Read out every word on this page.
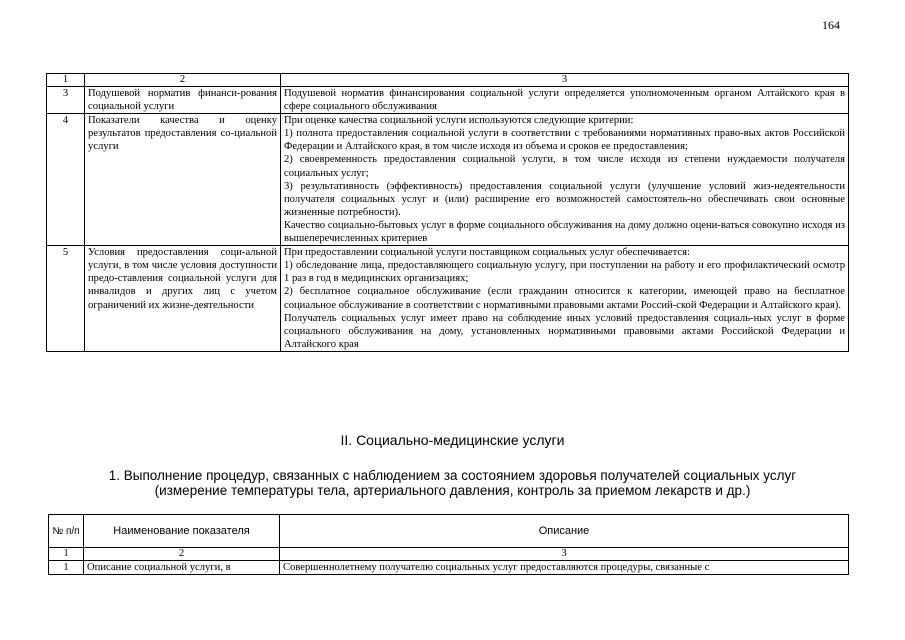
164
1	2	3
3	Подушевой норматив финанси-рования социальной услуги	Подушевой норматив финансирования социальной услуги определяется уполномоченным органом Алтайского края в сфере социального обслуживания
4	Показатели качества и оценку результатов предоставления со-циальной услуги	При оценке качества социальной услуги используются следующие критерии:
1) полнота предоставления социальной услуги в соответствии с требованиями нормативных право-вых актов Российской Федерации и Алтайского края, в том числе исходя из объема и сроков ее предоставления;
2) своевременность предоставления социальной услуги, в том числе исходя из степени нуждаемости получателя социальных услуг;
3) результативность (эффективность) предоставления социальной услуги (улучшение условий жиз-недеятельности получателя социальных услуг и (или) расширение его возможностей самостоятель-но обеспечивать свои основные жизненные потребности).
Качество социально-бытовых услуг в форме социального обслуживания на дому должно оцени-ваться совокупно исходя из вышеперечисленных критериев

5	Условия предоставления соци-альной услуги, в том числе условия доступности предо-ставления социальной услуги для инвалидов и других лиц с учетом ограничений их жизне-деятельности	При предоставлении социальной услуги поставщиком социальных услуг обеспечивается:
1) обследование лица, предоставляющего социальную услугу, при поступлении на работу и его профилактический осмотр 1 раз в год в медицинских организациях;
2) бесплатное социальное обслуживание (если гражданин относится к категории, имеющей право на бесплатное социальное обслуживание в соответствии с нормативными правовыми актами Россий-ской Федерации и Алтайского края).
Получатель социальных услуг имеет право на соблюдение иных условий предоставления социаль-ных услуг в форме социального обслуживания на дому, установленных нормативными правовыми актами Российской Федерации и Алтайского края
II. Социально-медицинские услуги
1. Выполнение процедур, связанных с наблюдением за состоянием здоровья получателей социальных услуг
(измерение температуры тела, артериального давления, контроль за приемом лекарств и др.)
№ п/п	Наименование показателя	Описание
1	2	3
1	Описание социальной услуги, в	Совершеннолетнему получателю социальных услуг предоставляются процедуры, связанные с
